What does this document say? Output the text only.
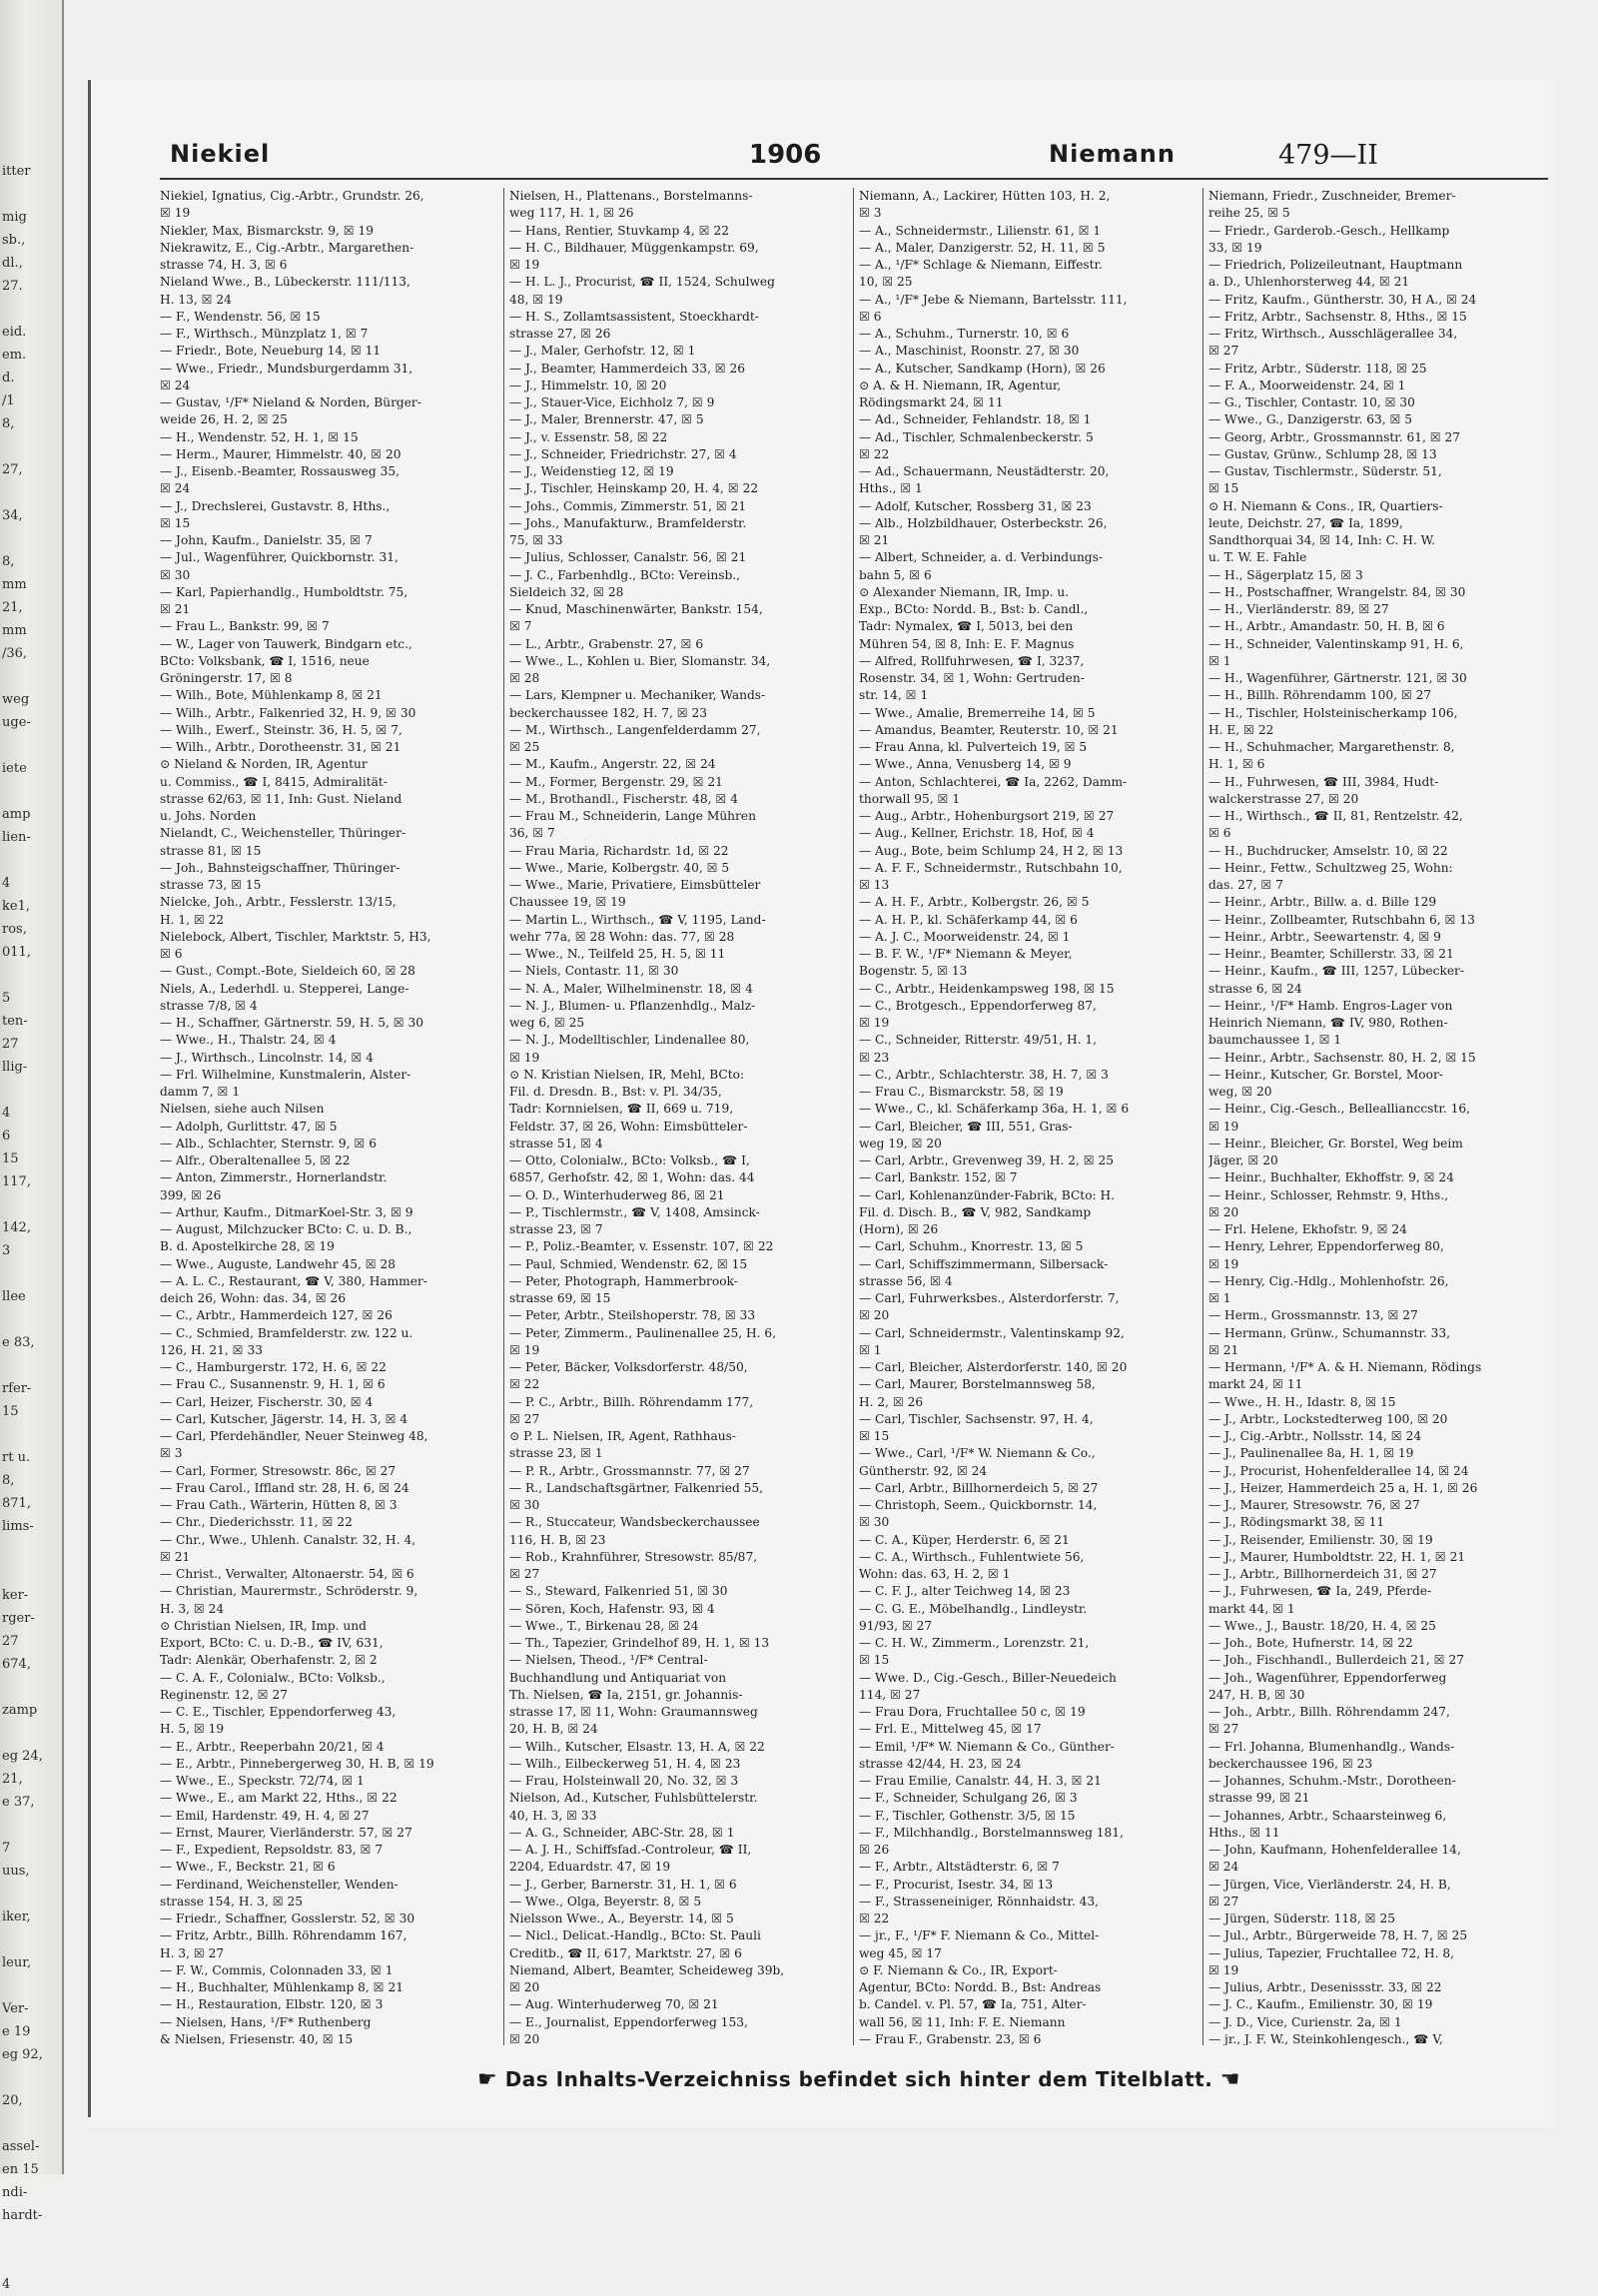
itter
mig
sb.,
dl.,
27.
eid.
em.
d.
/1
8,
27,
34,
8,
mm
21,
mm
/36,
weg
uge-
iete
amp
lien-
4
ke1,
ros,
011,
5
ten-
27
llig-
4
6
15
117,
142,
3
llee
e 83,
rfer-
15
rt u.
8,
871,
lims-
ker-
rger-
27
674,
zamp
eg 24,
21,
e 37,
7
uus,
iker,
leur,
Ver-
e 19
eg 92,
20,
assel-
en 15
ndi-
hardt-
4
Niekiel	1906	Niemann	479—II
Niekiel, Ignatius, Cig.-Arbtr., Grundstr. 26,
☒ 19
Niekler, Max, Bismarckstr. 9, ☒ 19
Niekrawitz, E., Cig.-Arbtr., Margarethen-
strasse 74, H. 3, ☒ 6
Nieland Wwe., B., Lübeckerstr. 111/113,
H. 13, ☒ 24
— F., Wendenstr. 56, ☒ 15
— F., Wirthsch., Münzplatz 1, ☒ 7
— Friedr., Bote, Neueburg 14, ☒ 11
— Wwe., Friedr., Mundsburgerdamm 31,
☒ 24
— Gustav, ¹/F* Nieland & Norden, Bürger-
weide 26, H. 2, ☒ 25
— H., Wendenstr. 52, H. 1, ☒ 15
— Herm., Maurer, Himmelstr. 40, ☒ 20
— J., Eisenb.-Beamter, Rossausweg 35,
☒ 24
— J., Drechslerei, Gustavstr. 8, Hths.,
☒ 15
— John, Kaufm., Danielstr. 35, ☒ 7
— Jul., Wagenführer, Quickbornstr. 31,
☒ 30
— Karl, Papierhandlg., Humboldtstr. 75,
☒ 21
— Frau L., Bankstr. 99, ☒ 7
— W., Lager von Tauwerk, Bindgarn etc.,
BCto: Volksbank, ☎ I, 1516, neue
Gröningerstr. 17, ☒ 8
— Wilh., Bote, Mühlenkamp 8, ☒ 21
— Wilh., Arbtr., Falkenried 32, H. 9, ☒ 30
— Wilh., Ewerf., Steinstr. 36, H. 5, ☒ 7,
— Wilh., Arbtr., Dorotheenstr. 31, ☒ 21
⊙ Nieland & Norden, IR, Agentur
u. Commiss., ☎ I, 8415, Admiralität-
strasse 62/63, ☒ 11, Inh: Gust. Nieland
u. Johs. Norden
Nielandt, C., Weichensteller, Thüringer-
strasse 81, ☒ 15
— Joh., Bahnsteigschaffner, Thüringer-
strasse 73, ☒ 15
Nielcke, Joh., Arbtr., Fesslerstr. 13/15,
H. 1, ☒ 22
Nielebock, Albert, Tischler, Marktstr. 5, H3,
☒ 6
— Gust., Compt.-Bote, Sieldeich 60, ☒ 28
Niels, A., Lederhdl. u. Stepperei, Lange-
strasse 7/8, ☒ 4
— H., Schaffner, Gärtnerstr. 59, H. 5, ☒ 30
— Wwe., H., Thalstr. 24, ☒ 4
— J., Wirthsch., Lincolnstr. 14, ☒ 4
— Frl. Wilhelmine, Kunstmalerin, Alster-
damm 7, ☒ 1
Nielsen, siehe auch Nilsen
— Adolph, Gurlittstr. 47, ☒ 5
— Alb., Schlachter, Sternstr. 9, ☒ 6
— Alfr., Oberaltenallee 5, ☒ 22
— Anton, Zimmerstr., Hornerlandstr.
399, ☒ 26
— Arthur, Kaufm., DitmarKoel-Str. 3, ☒ 9
— August, Milchzucker BCto: C. u. D. B.,
B. d. Apostelkirche 28, ☒ 19
— Wwe., Auguste, Landwehr 45, ☒ 28
— A. L. C., Restaurant, ☎ V, 380, Hammer-
deich 26, Wohn: das. 34, ☒ 26
— C., Arbtr., Hammerdeich 127, ☒ 26
— C., Schmied, Bramfelderstr. zw. 122 u.
126, H. 21, ☒ 33
— C., Hamburgerstr. 172, H. 6, ☒ 22
— Frau C., Susannenstr. 9, H. 1, ☒ 6
— Carl, Heizer, Fischerstr. 30, ☒ 4
— Carl, Kutscher, Jägerstr. 14, H. 3, ☒ 4
— Carl, Pferdehändler, Neuer Steinweg 48,
☒ 3
— Carl, Former, Stresowstr. 86c, ☒ 27
— Frau Carol., Iffland str. 28, H. 6, ☒ 24
— Frau Cath., Wärterin, Hütten 8, ☒ 3
— Chr., Diederichsstr. 11, ☒ 22
— Chr., Wwe., Uhlenh. Canalstr. 32, H. 4,
☒ 21
— Christ., Verwalter, Altonaerstr. 54, ☒ 6
— Christian, Maurermstr., Schröderstr. 9,
H. 3, ☒ 24
⊙ Christian Nielsen, IR, Imp. und
Export, BCto: C. u. D.-B., ☎ IV, 631,
Tadr: Alenkär, Oberhafenstr. 2, ☒ 2
— C. A. F., Colonialw., BCto: Volksb.,
Reginenstr. 12, ☒ 27
— C. E., Tischler, Eppendorferweg 43,
H. 5, ☒ 19
— E., Arbtr., Reeperbahn 20/21, ☒ 4
— E., Arbtr., Pinnebergerweg 30, H. B, ☒ 19
— Wwe., E., Speckstr. 72/74, ☒ 1
— Wwe., E., am Markt 22, Hths., ☒ 22
— Emil, Hardenstr. 49, H. 4, ☒ 27
— Ernst, Maurer, Vierländerstr. 57, ☒ 27
— F., Expedient, Repsoldstr. 83, ☒ 7
— Wwe., F., Beckstr. 21, ☒ 6
— Ferdinand, Weichensteller, Wenden-
strasse 154, H. 3, ☒ 25
— Friedr., Schaffner, Gosslerstr. 52, ☒ 30
— Fritz, Arbtr., Billh. Röhrendamm 167,
H. 3, ☒ 27
— F. W., Commis, Colonnaden 33, ☒ 1
— H., Buchhalter, Mühlenkamp 8, ☒ 21
— H., Restauration, Elbstr. 120, ☒ 3
— Nielsen, Hans, ¹/F* Ruthenberg
& Nielsen, Friesenstr. 40, ☒ 15
Nielsen, H., Plattenans., Borstelmanns-
weg 117, H. 1, ☒ 26
— Hans, Rentier, Stuvkamp 4, ☒ 22
— H. C., Bildhauer, Müggenkampstr. 69,
☒ 19
— H. L. J., Procurist, ☎ II, 1524, Schulweg
48, ☒ 19
— H. S., Zollamtsassistent, Stoeckhardt-
strasse 27, ☒ 26
— J., Maler, Gerhofstr. 12, ☒ 1
— J., Beamter, Hammerdeich 33, ☒ 26
— J., Himmelstr. 10, ☒ 20
— J., Stauer-Vice, Eichholz 7, ☒ 9
— J., Maler, Brennerstr. 47, ☒ 5
— J., v. Essenstr. 58, ☒ 22
— J., Schneider, Friedrichstr. 27, ☒ 4
— J., Weidenstieg 12, ☒ 19
— J., Tischler, Heinskamp 20, H. 4, ☒ 22
— Johs., Commis, Zimmerstr. 51, ☒ 21
— Johs., Manufakturw., Bramfelderstr.
75, ☒ 33
— Julius, Schlosser, Canalstr. 56, ☒ 21
— J. C., Farbenhdlg., BCto: Vereinsb.,
Sieldeich 32, ☒ 28
— Knud, Maschinenwärter, Bankstr. 154,
☒ 7
— L., Arbtr., Grabenstr. 27, ☒ 6
— Wwe., L., Kohlen u. Bier, Slomanstr. 34,
☒ 28
— Lars, Klempner u. Mechaniker, Wands-
beckerchaussee 182, H. 7, ☒ 23
— M., Wirthsch., Langenfelderdamm 27,
☒ 25
— M., Kaufm., Angerstr. 22, ☒ 24
— M., Former, Bergenstr. 29, ☒ 21
— M., Brothandl., Fischerstr. 48, ☒ 4
— Frau M., Schneiderin, Lange Mühren
36, ☒ 7
— Frau Maria, Richardstr. 1d, ☒ 22
— Wwe., Marie, Kolbergstr. 40, ☒ 5
— Wwe., Marie, Privatiere, Eimsbütteler
Chaussee 19, ☒ 19
— Martin L., Wirthsch., ☎ V, 1195, Land-
wehr 77a, ☒ 28 Wohn: das. 77, ☒ 28
— Wwe., N., Teilfeld 25, H. 5, ☒ 11
— Niels, Contastr. 11, ☒ 30
— N. A., Maler, Wilhelminenstr. 18, ☒ 4
— N. J., Blumen- u. Pflanzenhdlg., Malz-
weg 6, ☒ 25
— N. J., Modelltischler, Lindenallee 80,
☒ 19
⊙ N. Kristian Nielsen, IR, Mehl, BCto:
Fil. d. Dresdn. B., Bst: v. Pl. 34/35,
Tadr: Kornnielsen, ☎ II, 669 u. 719,
Feldstr. 37, ☒ 26, Wohn: Eimsbütteler-
strasse 51, ☒ 4
— Otto, Colonialw., BCto: Volksb., ☎ I,
6857, Gerhofstr. 42, ☒ 1, Wohn: das. 44
— O. D., Winterhuderweg 86, ☒ 21
— P., Tischlermstr., ☎ V, 1408, Amsinck-
strasse 23, ☒ 7
— P., Poliz.-Beamter, v. Essenstr. 107, ☒ 22
— Paul, Schmied, Wendenstr. 62, ☒ 15
— Peter, Photograph, Hammerbrook-
strasse 69, ☒ 15
— Peter, Arbtr., Steilshoperstr. 78, ☒ 33
— Peter, Zimmerm., Paulinenallee 25, H. 6,
☒ 19
— Peter, Bäcker, Volksdorferstr. 48/50,
☒ 22
— P. C., Arbtr., Billh. Röhrendamm 177,
☒ 27
⊙ P. L. Nielsen, IR, Agent, Rathhaus-
strasse 23, ☒ 1
— P. R., Arbtr., Grossmannstr. 77, ☒ 27
— R., Landschaftsgärtner, Falkenried 55,
☒ 30
— R., Stuccateur, Wandsbeckerchaussee
116, H. B, ☒ 23
— Rob., Krahnführer, Stresowstr. 85/87,
☒ 27
— S., Steward, Falkenried 51, ☒ 30
— Sören, Koch, Hafenstr. 93, ☒ 4
— Wwe., T., Birkenau 28, ☒ 24
— Th., Tapezier, Grindelhof 89, H. 1, ☒ 13
— Nielsen, Theod., ¹/F* Central-
Buchhandlung und Antiquariat von
Th. Nielsen, ☎ Ia, 2151, gr. Johannis-
strasse 17, ☒ 11, Wohn: Graumannsweg
20, H. B, ☒ 24
— Wilh., Kutscher, Elsastr. 13, H. A, ☒ 22
— Wilh., Eilbeckerweg 51, H. 4, ☒ 23
— Frau, Holsteinwall 20, No. 32, ☒ 3
Nielson, Ad., Kutscher, Fuhlsbüttelerstr.
40, H. 3, ☒ 33
— A. G., Schneider, ABC-Str. 28, ☒ 1
— A. J. H., Schiffsfad.-Controleur, ☎ II,
2204, Eduardstr. 47, ☒ 19
— J., Gerber, Barnerstr. 31, H. 1, ☒ 6
— Wwe., Olga, Beyerstr. 8, ☒ 5
Nielsson Wwe., A., Beyerstr. 14, ☒ 5
— Nicl., Delicat.-Handlg., BCto: St. Pauli
Creditb., ☎ II, 617, Marktstr. 27, ☒ 6
Niemand, Albert, Beamter, Scheideweg 39b,
☒ 20
— Aug. Winterhuderweg 70, ☒ 21
— E., Journalist, Eppendorferweg 153,
☒ 20
Niemann, A., Lackirer, Hütten 103, H. 2,
☒ 3
— A., Schneidermstr., Lilienstr. 61, ☒ 1
— A., Maler, Danzigerstr. 52, H. 11, ☒ 5
— A., ¹/F* Schlage & Niemann, Eiffestr.
10, ☒ 25
— A., ¹/F* Jebe & Niemann, Bartelsstr. 111,
☒ 6
— A., Schuhm., Turnerstr. 10, ☒ 6
— A., Maschinist, Roonstr. 27, ☒ 30
— A., Kutscher, Sandkamp (Horn), ☒ 26
⊙ A. & H. Niemann, IR, Agentur,
Rödingsmarkt 24, ☒ 11
— Ad., Schneider, Fehlandstr. 18, ☒ 1
— Ad., Tischler, Schmalenbeckerstr. 5
☒ 22
— Ad., Schauermann, Neustädterstr. 20,
Hths., ☒ 1
— Adolf, Kutscher, Rossberg 31, ☒ 23
— Alb., Holzbildhauer, Osterbeckstr. 26,
☒ 21
— Albert, Schneider, a. d. Verbindungs-
bahn 5, ☒ 6
⊙ Alexander Niemann, IR, Imp. u.
Exp., BCto: Nordd. B., Bst: b. Candl.,
Tadr: Nymalex, ☎ I, 5013, bei den
Mühren 54, ☒ 8, Inh: E. F. Magnus
— Alfred, Rollfuhrwesen, ☎ I, 3237,
Rosenstr. 34, ☒ 1, Wohn: Gertruden-
str. 14, ☒ 1
— Wwe., Amalie, Bremerreihe 14, ☒ 5
— Amandus, Beamter, Reuterstr. 10, ☒ 21
— Frau Anna, kl. Pulverteich 19, ☒ 5
— Wwe., Anna, Venusberg 14, ☒ 9
— Anton, Schlachterei, ☎ Ia, 2262, Damm-
thorwall 95, ☒ 1
— Aug., Arbtr., Hohenburgsort 219, ☒ 27
— Aug., Kellner, Erichstr. 18, Hof, ☒ 4
— Aug., Bote, beim Schlump 24, H 2, ☒ 13
— A. F. F., Schneidermstr., Rutschbahn 10,
☒ 13
— A. H. F., Arbtr., Kolbergstr. 26, ☒ 5
— A. H. P., kl. Schäferkamp 44, ☒ 6
— A. J. C., Moorweidenstr. 24, ☒ 1
— B. F. W., ¹/F* Niemann & Meyer,
Bogenstr. 5, ☒ 13
— C., Arbtr., Heidenkampsweg 198, ☒ 15
— C., Brotgesch., Eppendorferweg 87,
☒ 19
— C., Schneider, Ritterstr. 49/51, H. 1,
☒ 23
— C., Arbtr., Schlachterstr. 38, H. 7, ☒ 3
— Frau C., Bismarckstr. 58, ☒ 19
— Wwe., C., kl. Schäferkamp 36a, H. 1, ☒ 6
— Carl, Bleicher, ☎ III, 551, Gras-
weg 19, ☒ 20
— Carl, Arbtr., Grevenweg 39, H. 2, ☒ 25
— Carl, Bankstr. 152, ☒ 7
— Carl, Kohlenanzünder-Fabrik, BCto: H.
Fil. d. Disch. B., ☎ V, 982, Sandkamp
(Horn), ☒ 26
— Carl, Schuhm., Knorrestr. 13, ☒ 5
— Carl, Schiffszimmermann, Silbersack-
strasse 56, ☒ 4
— Carl, Fuhrwerksbes., Alsterdorferstr. 7,
☒ 20
— Carl, Schneidermstr., Valentinskamp 92,
☒ 1
— Carl, Bleicher, Alsterdorferstr. 140, ☒ 20
— Carl, Maurer, Borstelmannsweg 58,
H. 2, ☒ 26
— Carl, Tischler, Sachsenstr. 97, H. 4,
☒ 15
— Wwe., Carl, ¹/F* W. Niemann & Co.,
Güntherstr. 92, ☒ 24
— Carl, Arbtr., Billhornerdeich 5, ☒ 27
— Christoph, Seem., Quickbornstr. 14,
☒ 30
— C. A., Küper, Herderstr. 6, ☒ 21
— C. A., Wirthsch., Fuhlentwiete 56,
Wohn: das. 63, H. 2, ☒ 1
— C. F. J., alter Teichweg 14, ☒ 23
— C. G. E., Möbelhandlg., Lindleystr.
91/93, ☒ 27
— C. H. W., Zimmerm., Lorenzstr. 21,
☒ 15
— Wwe. D., Cig.-Gesch., Biller-Neuedeich
114, ☒ 27
— Frau Dora, Fruchtallee 50 c, ☒ 19
— Frl. E., Mittelweg 45, ☒ 17
— Emil, ¹/F* W. Niemann & Co., Günther-
strasse 42/44, H. 23, ☒ 24
— Frau Emilie, Canalstr. 44, H. 3, ☒ 21
— F., Schneider, Schulgang 26, ☒ 3
— F., Tischler, Gothenstr. 3/5, ☒ 15
— F., Milchhandlg., Borstelmannsweg 181,
☒ 26
— F., Arbtr., Altstädterstr. 6, ☒ 7
— F., Procurist, Isestr. 34, ☒ 13
— F., Strasseneiniger, Rönnhaidstr. 43,
☒ 22
— jr., F., ¹/F* F. Niemann & Co., Mittel-
weg 45, ☒ 17
⊙ F. Niemann & Co., IR, Export-
Agentur, BCto: Nordd. B., Bst: Andreas
b. Candel. v. Pl. 57, ☎ Ia, 751, Alter-
wall 56, ☒ 11, Inh: F. E. Niemann
— Frau F., Grabenstr. 23, ☒ 6
Niemann, Friedr., Zuschneider, Bremer-
reihe 25, ☒ 5
— Friedr., Garderob.-Gesch., Hellkamp
33, ☒ 19
— Friedrich, Polizeileutnant, Hauptmann
a. D., Uhlenhorsterweg 44, ☒ 21
— Fritz, Kaufm., Güntherstr. 30, H A., ☒ 24
— Fritz, Arbtr., Sachsenstr. 8, Hths., ☒ 15
— Fritz, Wirthsch., Ausschlägerallee 34,
☒ 27
— Fritz, Arbtr., Süderstr. 118, ☒ 25
— F. A., Moorweidenstr. 24, ☒ 1
— G., Tischler, Contastr. 10, ☒ 30
— Wwe., G., Danzigerstr. 63, ☒ 5
— Georg, Arbtr., Grossmannstr. 61, ☒ 27
— Gustav, Grünw., Schlump 28, ☒ 13
— Gustav, Tischlermstr., Süderstr. 51,
☒ 15
⊙ H. Niemann & Cons., IR, Quartiers-
leute, Deichstr. 27, ☎ Ia, 1899,
Sandthorquai 34, ☒ 14, Inh: C. H. W.
u. T. W. E. Fahle
— H., Sägerplatz 15, ☒ 3
— H., Postschaffner, Wrangelstr. 84, ☒ 30
— H., Vierländerstr. 89, ☒ 27
— H., Arbtr., Amandastr. 50, H. B, ☒ 6
— H., Schneider, Valentinskamp 91, H. 6,
☒ 1
— H., Wagenführer, Gärtnerstr. 121, ☒ 30
— H., Billh. Röhrendamm 100, ☒ 27
— H., Tischler, Holsteinischerkamp 106,
H. E, ☒ 22
— H., Schuhmacher, Margarethenstr. 8,
H. 1, ☒ 6
— H., Fuhrwesen, ☎ III, 3984, Hudt-
walckerstrasse 27, ☒ 20
— H., Wirthsch., ☎ II, 81, Rentzelstr. 42,
☒ 6
— H., Buchdrucker, Amselstr. 10, ☒ 22
— Heinr., Fettw., Schultzweg 25, Wohn:
das. 27, ☒ 7
— Heinr., Arbtr., Billw. a. d. Bille 129
— Heinr., Zollbeamter, Rutschbahn 6, ☒ 13
— Heinr., Arbtr., Seewartenstr. 4, ☒ 9
— Heinr., Beamter, Schillerstr. 33, ☒ 21
— Heinr., Kaufm., ☎ III, 1257, Lübecker-
strasse 6, ☒ 24
— Heinr., ¹/F* Hamb. Engros-Lager von
Heinrich Niemann, ☎ IV, 980, Rothen-
baumchaussee 1, ☒ 1
— Heinr., Arbtr., Sachsenstr. 80, H. 2, ☒ 15
— Heinr., Kutscher, Gr. Borstel, Moor-
weg, ☒ 20
— Heinr., Cig.-Gesch., Belleallianccstr. 16,
☒ 19
— Heinr., Bleicher, Gr. Borstel, Weg beim
Jäger, ☒ 20
— Heinr., Buchhalter, Ekhoffstr. 9, ☒ 24
— Heinr., Schlosser, Rehmstr. 9, Hths.,
☒ 20
— Frl. Helene, Ekhofstr. 9, ☒ 24
— Henry, Lehrer, Eppendorferweg 80,
☒ 19
— Henry, Cig.-Hdlg., Mohlenhofstr. 26,
☒ 1
— Herm., Grossmannstr. 13, ☒ 27
— Hermann, Grünw., Schumannstr. 33,
☒ 21
— Hermann, ¹/F* A. & H. Niemann, Rödings
markt 24, ☒ 11
— Wwe., H. H., Idastr. 8, ☒ 15
— J., Arbtr., Lockstedterweg 100, ☒ 20
— J., Cig.-Arbtr., Nollsstr. 14, ☒ 24
— J., Paulinenallee 8a, H. 1, ☒ 19
— J., Procurist, Hohenfelderallee 14, ☒ 24
— J., Heizer, Hammerdeich 25 a, H. 1, ☒ 26
— J., Maurer, Stresowstr. 76, ☒ 27
— J., Rödingsmarkt 38, ☒ 11
— J., Reisender, Emilienstr. 30, ☒ 19
— J., Maurer, Humboldtstr. 22, H. 1, ☒ 21
— J., Arbtr., Billhornerdeich 31, ☒ 27
— J., Fuhrwesen, ☎ Ia, 249, Pferde-
markt 44, ☒ 1
— Wwe., J., Baustr. 18/20, H. 4, ☒ 25
— Joh., Bote, Hufnerstr. 14, ☒ 22
— Joh., Fischhandl., Bullerdeich 21, ☒ 27
— Joh., Wagenführer, Eppendorferweg
247, H. B, ☒ 30
— Joh., Arbtr., Billh. Röhrendamm 247,
☒ 27
— Frl. Johanna, Blumenhandlg., Wands-
beckerchaussee 196, ☒ 23
— Johannes, Schuhm.-Mstr., Dorotheen-
strasse 99, ☒ 21
— Johannes, Arbtr., Schaarsteinweg 6,
Hths., ☒ 11
— John, Kaufmann, Hohenfelderallee 14,
☒ 24
— Jürgen, Vice, Vierländerstr. 24, H. B,
☒ 27
— Jürgen, Süderstr. 118, ☒ 25
— Jul., Arbtr., Bürgerweide 78, H. 7, ☒ 25
— Julius, Tapezier, Fruchtallee 72, H. 8,
☒ 19
— Julius, Arbtr., Desenissstr. 33, ☒ 22
— J. C., Kaufm., Emilienstr. 30, ☒ 19
— J. D., Vice, Curienstr. 2a, ☒ 1
— jr., J. F. W., Steinkohlengesch., ☎ V,
☛ Das Inhalts-Verzeichniss befindet sich hinter dem Titelblatt. ☚
